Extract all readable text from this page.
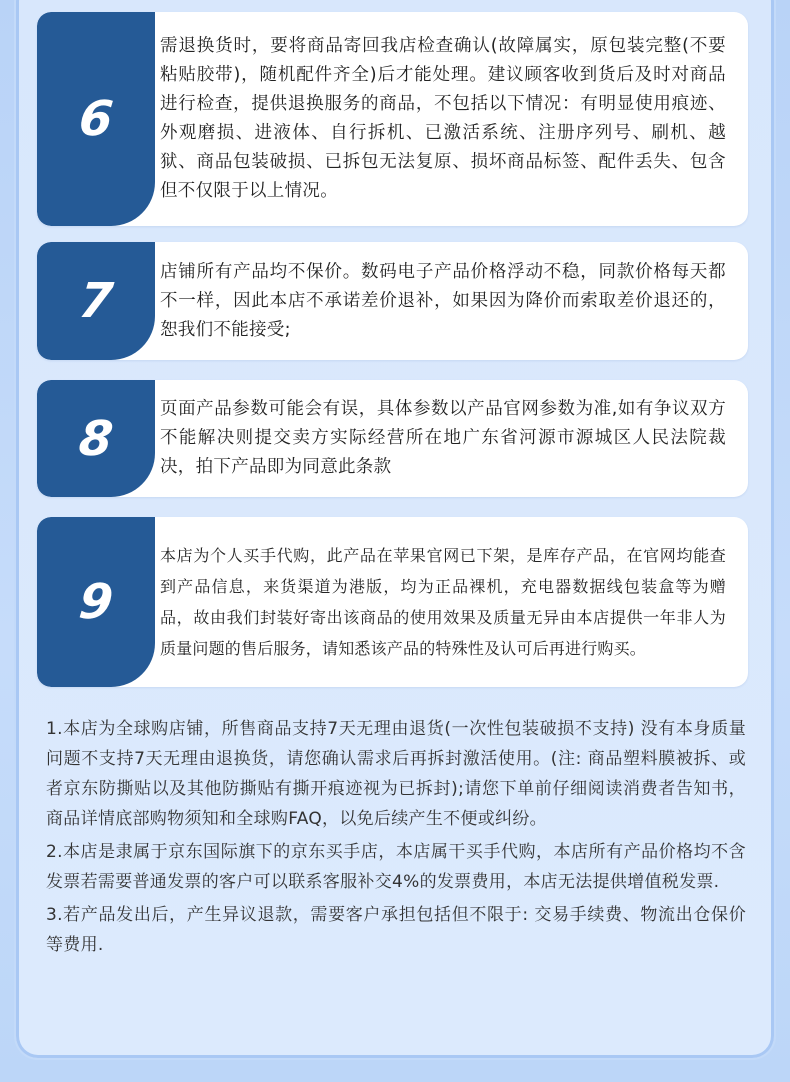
6
需退换货时，要将商品寄回我店检查确认(故障属实，原包装完整(不要粘贴胶带)，随机配件齐全)后才能处理。建议顾客收到货后及时对商品进行检查，提供退换服务的商品，不包括以下情况：有明显使用痕迹、外观磨损、进液体、自行拆机、已激活系统、注册序列号、刷机、越狱、商品包装破损、已拆包无法复原、损坏商品标签、配件丢失、包含但不仅限于以上情况。
7
店铺所有产品均不保价。数码电子产品价格浮动不稳，同款价格每天都不一样，因此本店不承诺差价退补，如果因为降价而索取差价退还的，恕我们不能接受;
8
页面产品参数可能会有误，具体参数以产品官网参数为准,如有争议双方不能解决则提交卖方实际经营所在地广东省河源市源城区人民法院裁决，拍下产品即为同意此条款
9
本店为个人买手代购，此产品在苹果官网已下架，是库存产品，在官网均能查到产品信息，来货渠道为港版，均为正品裸机，充电器数据线包装盒等为赠品，故由我们封装好寄出该商品的使用效果及质量无异由本店提供一年非人为质量问题的售后服务，请知悉该产品的特殊性及认可后再进行购买。

1.本店为全球购店铺，所售商品支持7天无理由退货(一次性包装破损不支持) 没有本身质量问题不支持7天无理由退换货，请您确认需求后再拆封激活使用。(注: 商品塑料膜被拆、或者京东防撕贴以及其他防撕贴有撕开痕迹视为已拆封);请您下单前仔细阅读消费者告知书，商品详情底部购物须知和全球购FAQ，以免后续产生不便或纠纷。

2.本店是隶属于京东国际旗下的京东买手店，本店属干买手代购，本店所有产品价格均不含发票若需要普通发票的客户可以联系客服补交4%的发票费用，本店无法提供增值税发票.

3.若产品发出后，产生异议退款，需要客户承担包括但不限于: 交易手续费、物流出仓保价等费用.
